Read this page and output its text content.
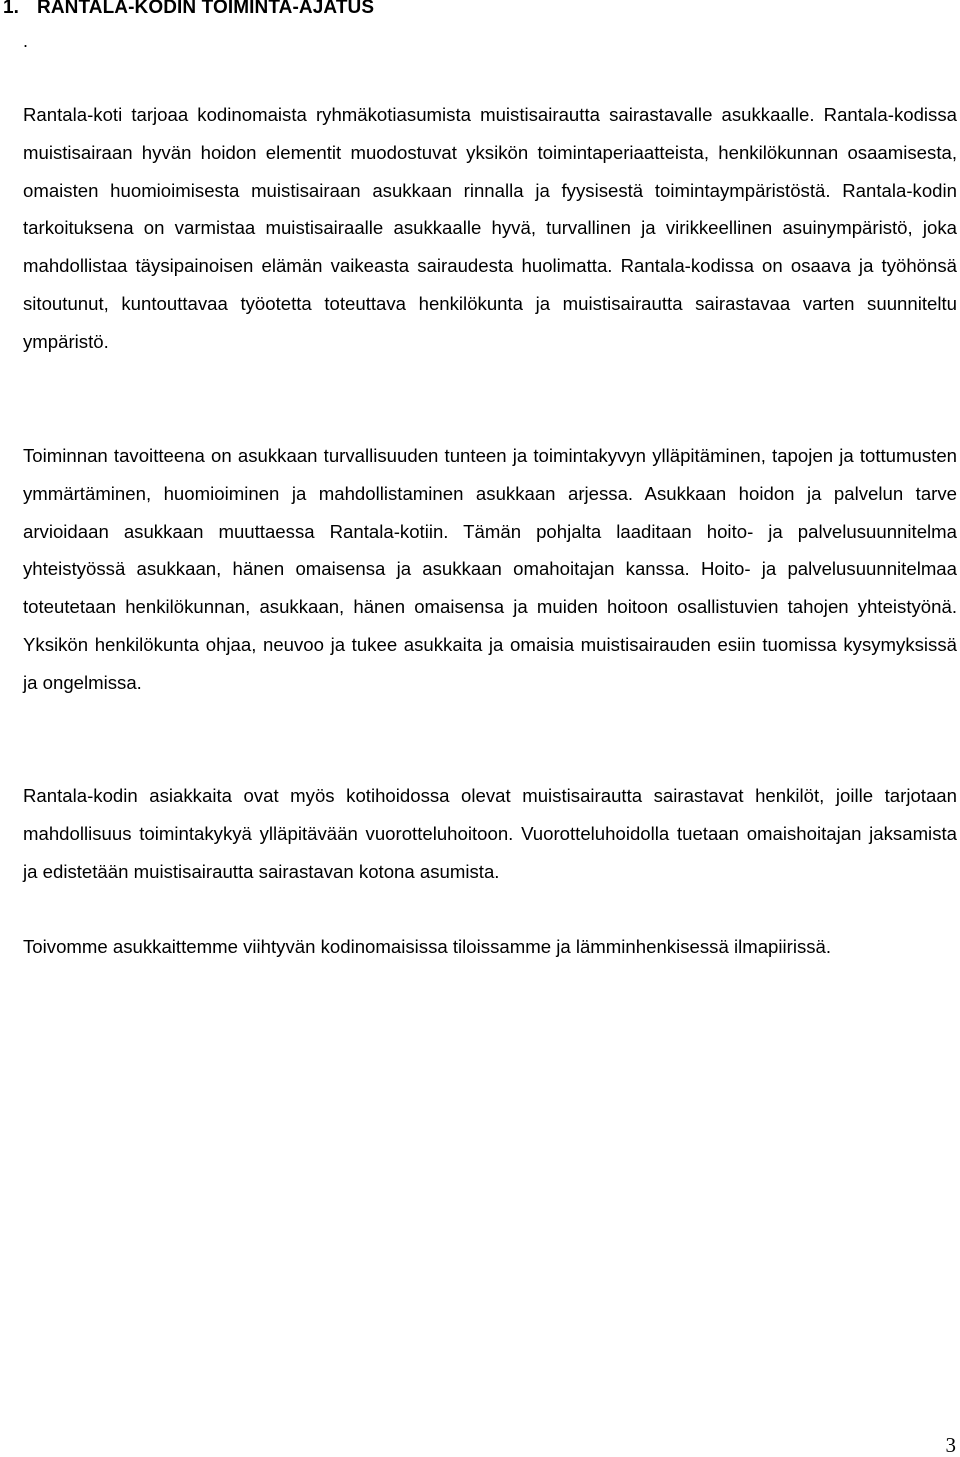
1. RANTALA-KODIN TOIMINTA-AJATUS
.

Rantala-koti tarjoaa kodinomaista ryhmäkotiasumista muistisairautta sairastavalle asukkaalle. Rantala-kodissa muistisairaan hyvän hoidon elementit muodostuvat yksikön toimintaperiaatteista, henkilökunnan osaamisesta, omaisten huomioimisesta muistisairaan asukkaan rinnalla ja fyysisestä toimintaympäristöstä. Rantala-kodin tarkoituksena on varmistaa muistisairaalle asukkaalle hyvä, turvallinen ja virikkeellinen asuinympäristö, joka mahdollistaa täysipainoisen elämän vaikeasta sairaudesta huolimatta. Rantala-kodissa on osaava ja työhönsä sitoutunut, kuntouttavaa työotetta toteuttava henkilökunta ja muistisairautta sairastavaa varten suunniteltu ympäristö.

Toiminnan tavoitteena on asukkaan turvallisuuden tunteen ja toimintakyvyn ylläpitäminen, tapojen ja tottumusten ymmärtäminen, huomioiminen ja mahdollistaminen asukkaan arjessa. Asukkaan hoidon ja palvelun tarve arvioidaan asukkaan muuttaessa Rantala-kotiin. Tämän pohjalta laaditaan hoito- ja palvelusuunnitelma yhteistyössä asukkaan, hänen omaisensa ja asukkaan omahoitajan kanssa. Hoito- ja palvelusuunnitelmaa toteutetaan henkilökunnan, asukkaan, hänen omaisensa ja muiden hoitoon osallistuvien tahojen yhteistyönä. Yksikön henkilökunta ohjaa, neuvoo ja tukee asukkaita ja omaisia muistisairauden esiin tuomissa kysymyksissä ja ongelmissa.

Rantala-kodin asiakkaita ovat myös kotihoidossa olevat muistisairautta sairastavat henkilöt, joille tarjotaan mahdollisuus toimintakykyä ylläpitävään vuorotteluhoitoon. Vuorotteluhoidolla tuetaan omaishoitajan jaksamista ja edistetään muistisairautta sairastavan kotona asumista.

Toivomme asukkaittemme viihtyvän kodinomaisissa tiloissamme ja lämminhenkisessä ilmapiirissä.

3
